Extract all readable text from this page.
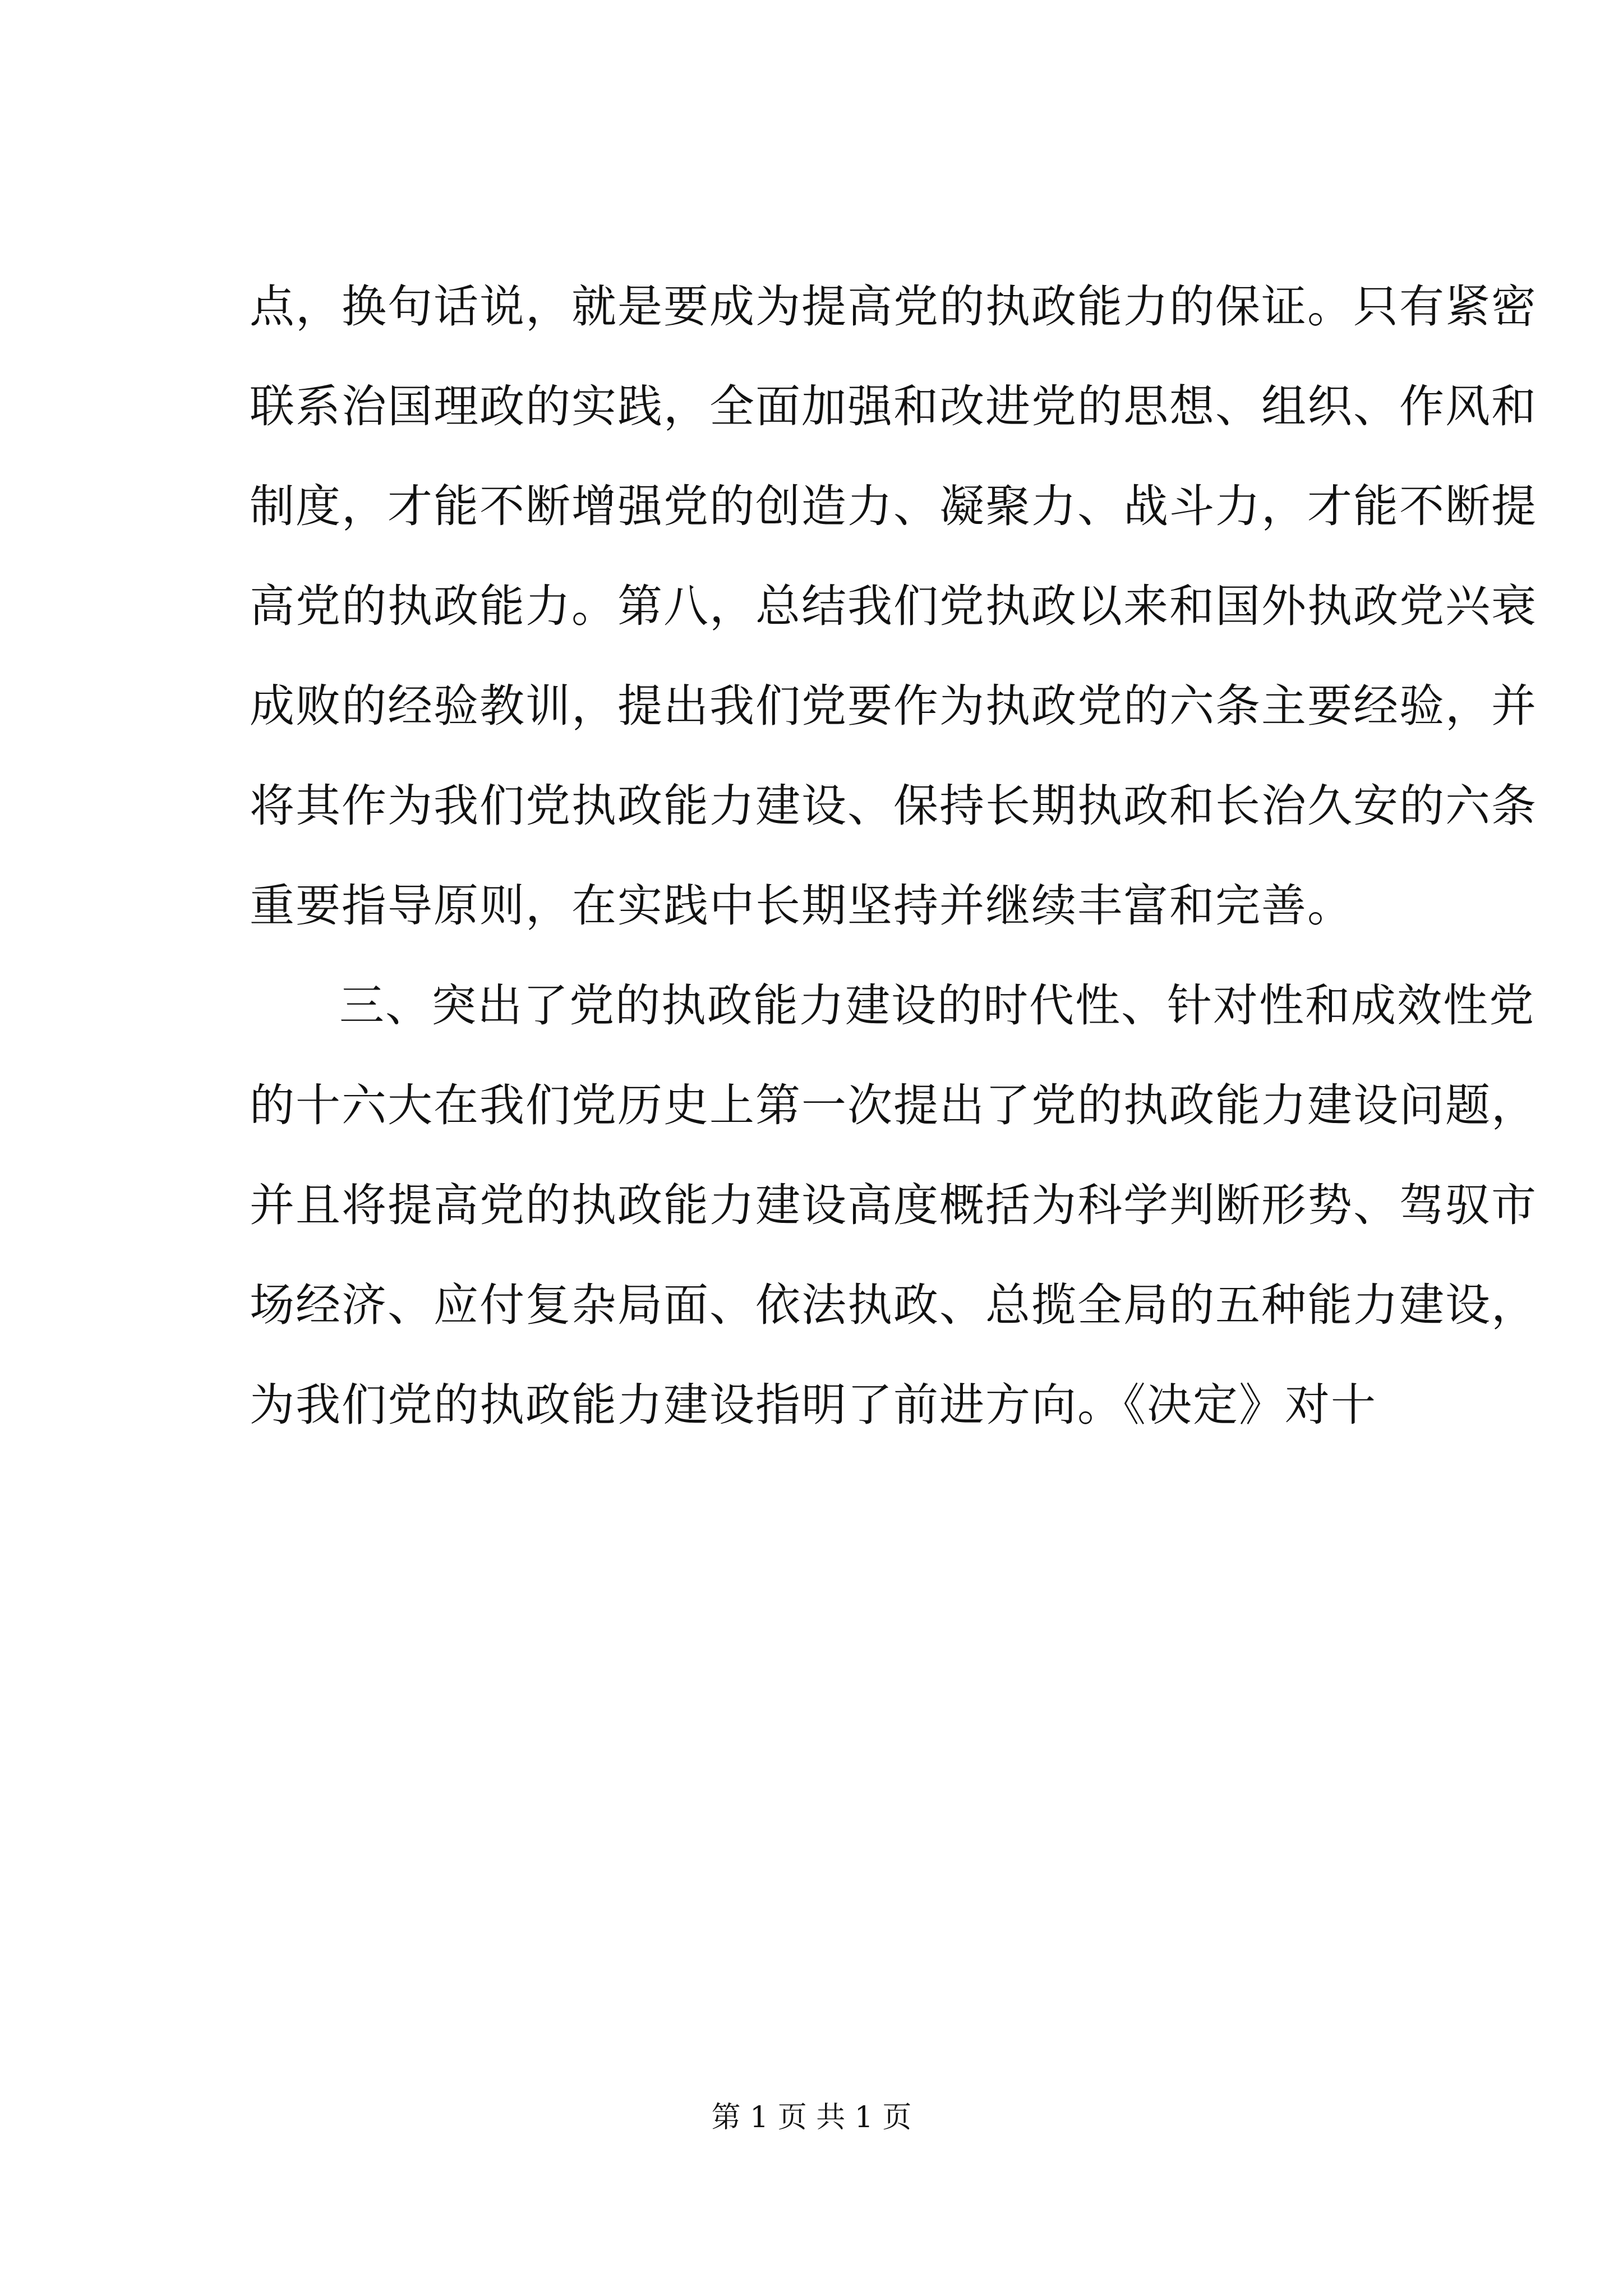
点，换句话说，就是要成为提高党的执政能力的保证。只有紧密
联系治国理政的实践，全面加强和改进党的思想、组织、作风和
制度，才能不断增强党的创造力、凝聚力、战斗力，才能不断提
高党的执政能力。第八，总结我们党执政以来和国外执政党兴衰
成败的经验教训，提出我们党要作为执政党的六条主要经验，并
将其作为我们党执政能力建设、保持长期执政和长治久安的六条
重要指导原则，在实践中长期坚持并继续丰富和完善。
三、突出了党的执政能力建设的时代性、针对性和成效性党
的十六大在我们党历史上第一次提出了党的执政能力建设问题，
并且将提高党的执政能力建设高度概括为科学判断形势、驾驭市
场经济、应付复杂局面、依法执政、总揽全局的五种能力建设，
为我们党的执政能力建设指明了前进方向。《决定》对十
第 1 页 共 1 页
